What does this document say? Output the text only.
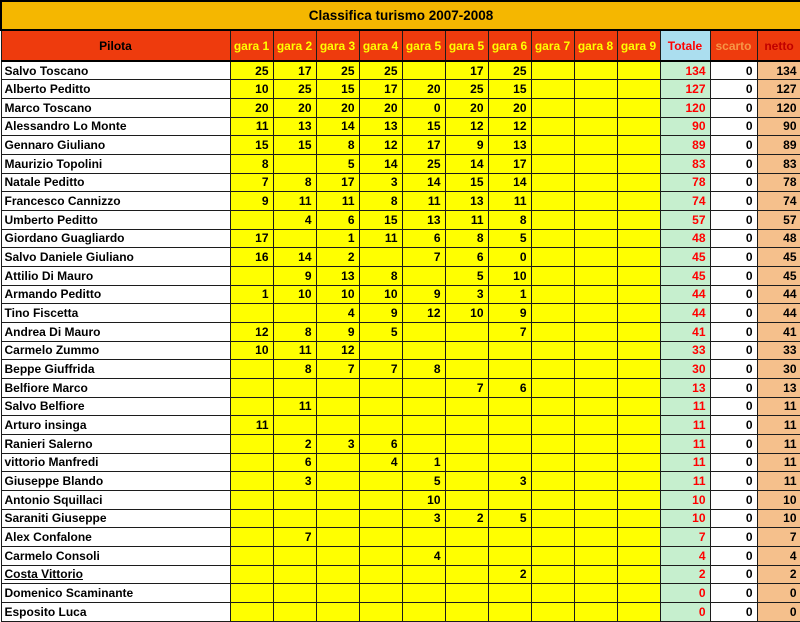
Classifica turismo 2007-2008													
Pilota	gara 1	gara 2	gara 3	gara 4	gara 5	gara 5	gara 6	gara 7	gara 8	gara 9	Totale	scarto	netto
Salvo Toscano	25	17	25	25		17	25				134	0	134
Alberto Peditto	10	25	15	17	20	25	15				127	0	127
Marco Toscano	20	20	20	20	0	20	20				120	0	120
Alessandro Lo Monte	11	13	14	13	15	12	12				90	0	90
Gennaro Giuliano	15	15	8	12	17	9	13				89	0	89
Maurizio Topolini	8		5	14	25	14	17				83	0	83
Natale Peditto	7	8	17	3	14	15	14				78	0	78
Francesco Cannizzo	9	11	11	8	11	13	11				74	0	74
Umberto Peditto		4	6	15	13	11	8				57	0	57
Giordano Guagliardo	17		1	11	6	8	5				48	0	48
Salvo Daniele Giuliano	16	14	2		7	6	0				45	0	45
Attilio Di Mauro		9	13	8		5	10				45	0	45
Armando Peditto	1	10	10	10	9	3	1				44	0	44
Tino Fiscetta			4	9	12	10	9				44	0	44
Andrea Di Mauro	12	8	9	5			7				41	0	41
Carmelo Zummo	10	11	12								33	0	33
Beppe Giuffrida		8	7	7	8						30	0	30
Belfiore Marco						7	6				13	0	13
Salvo Belfiore		11									11	0	11
Arturo insinga	11										11	0	11
Ranieri Salerno		2	3	6							11	0	11
vittorio Manfredi		6		4	1						11	0	11
Giuseppe Blando		3			5		3				11	0	11
Antonio Squillaci					10						10	0	10
Saraniti Giuseppe					3	2	5				10	0	10
Alex Confalone		7									7	0	7
Carmelo Consoli					4						4	0	4
Costa Vittorio							2				2	0	2
Domenico Scaminante											0	0	0
Esposito Luca											0	0	0
